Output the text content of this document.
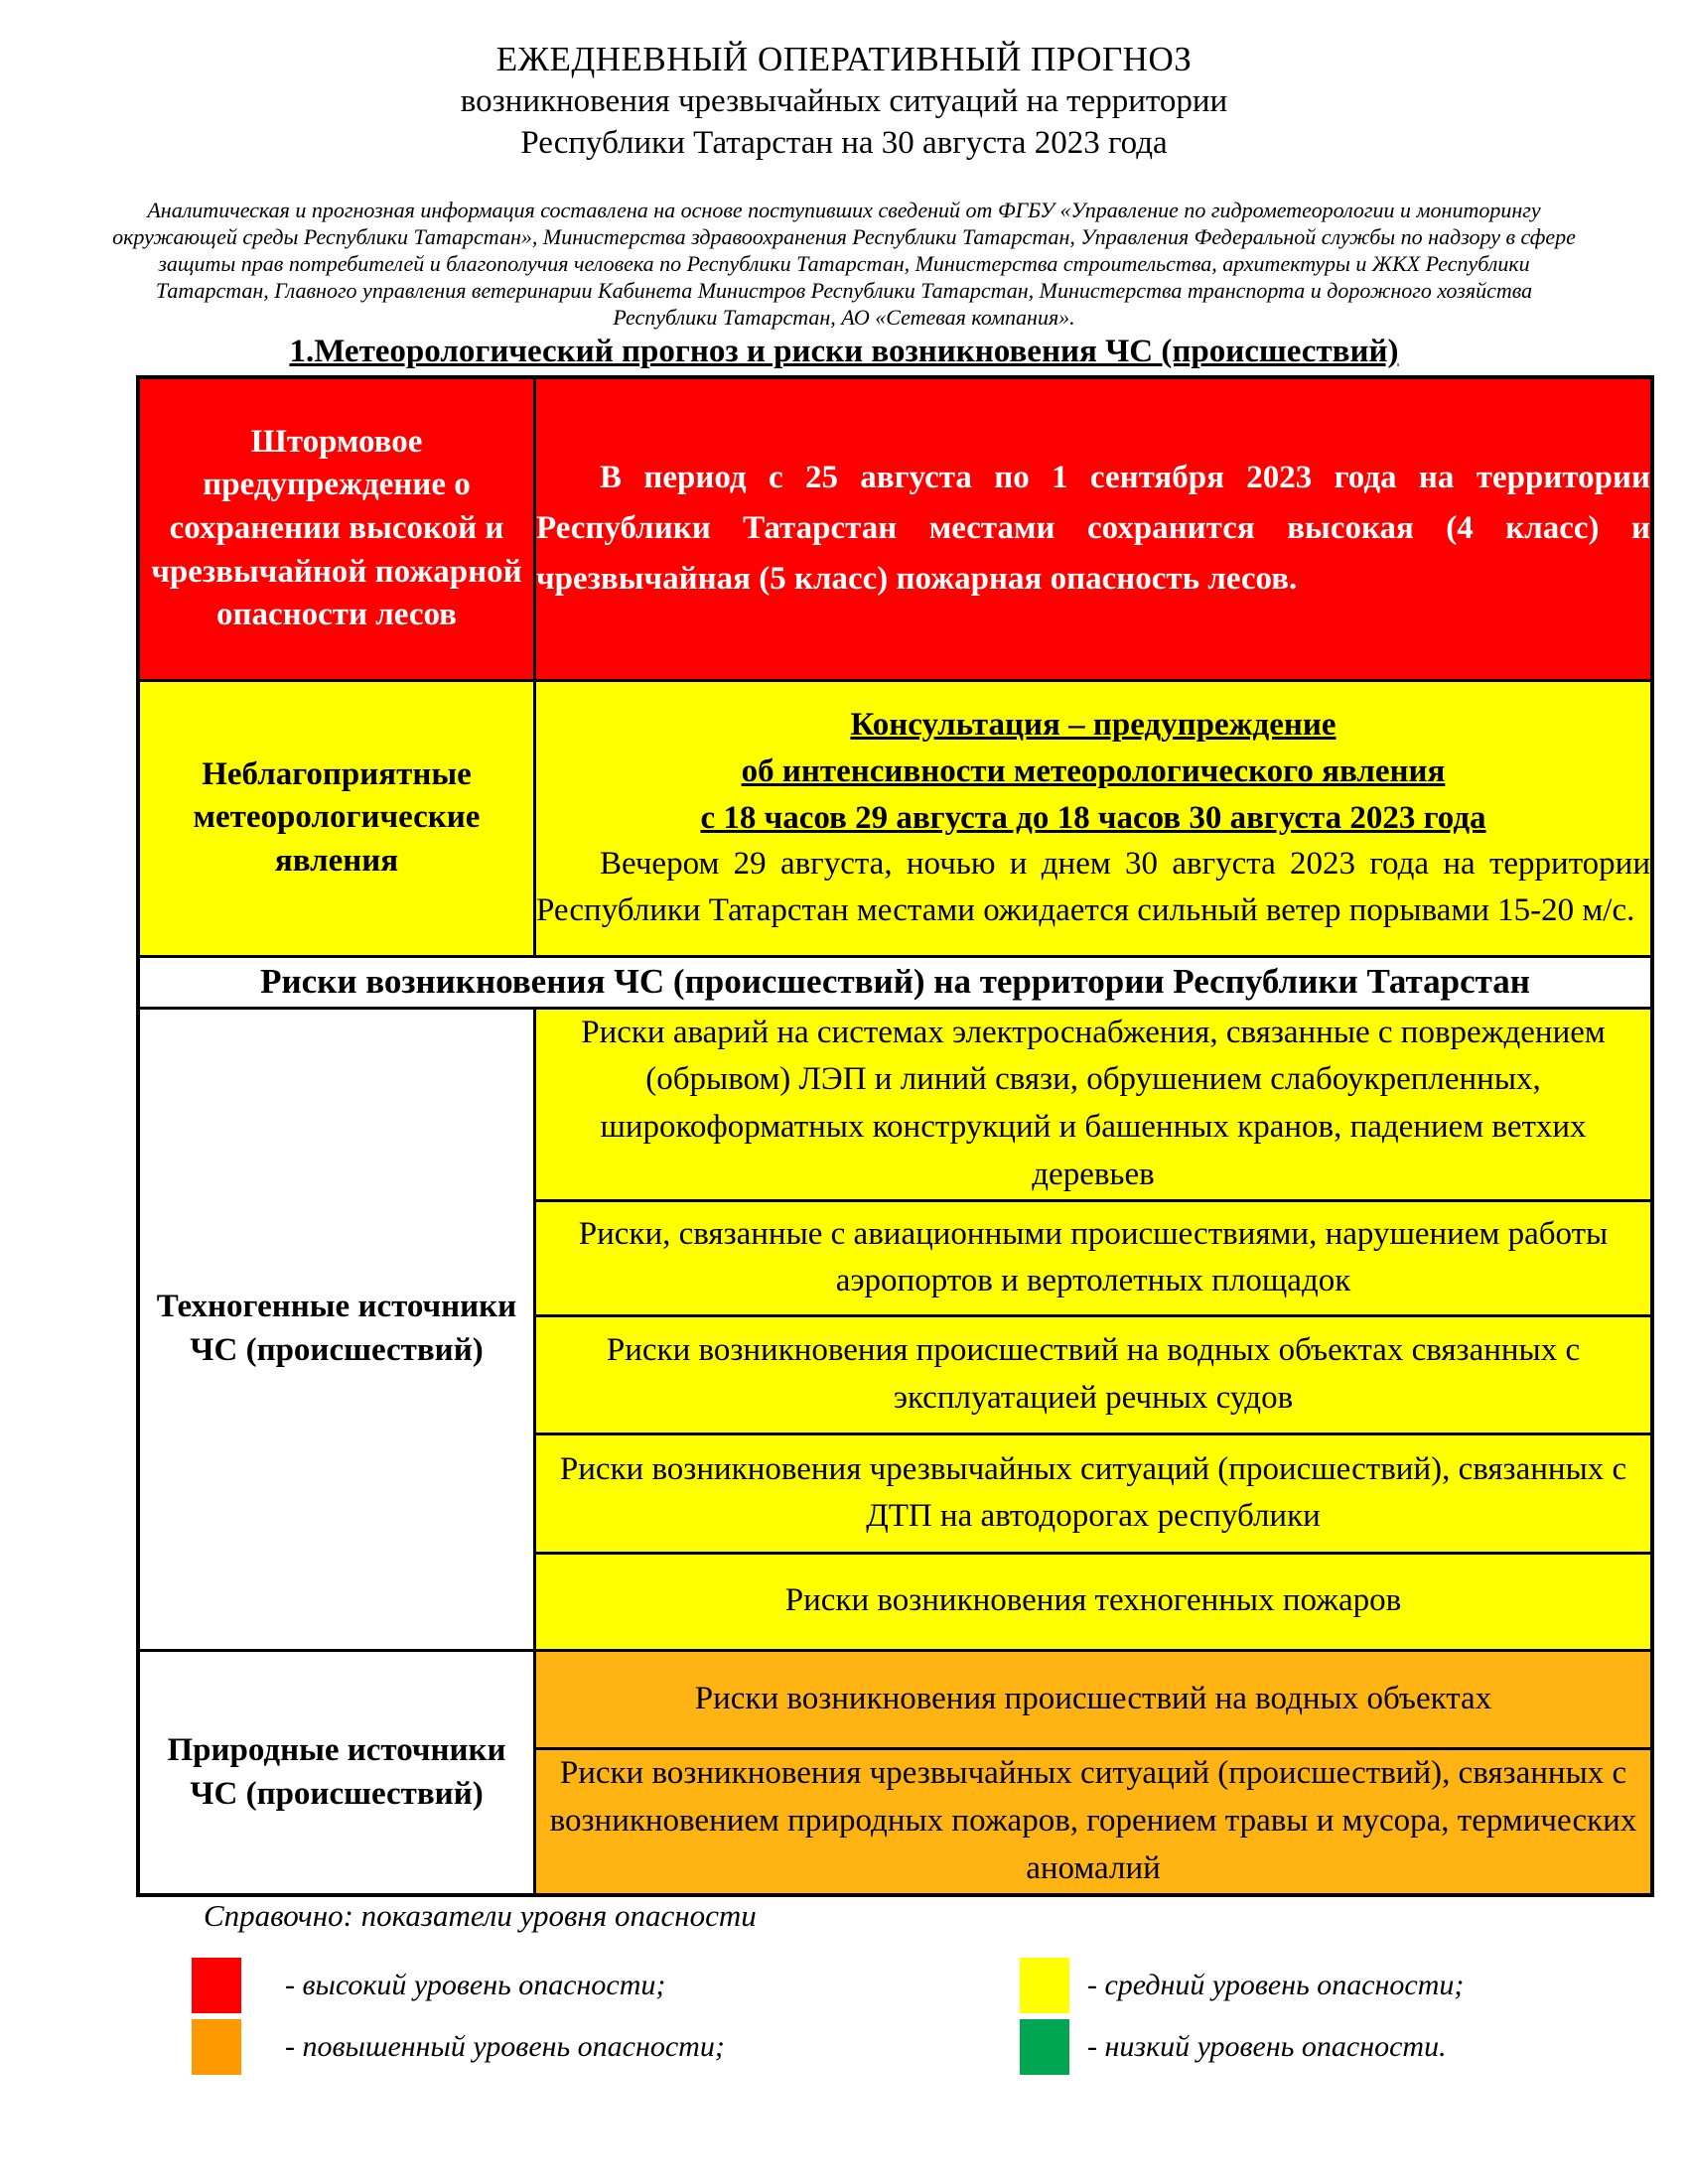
ЕЖЕДНЕВНЫЙ ОПЕРАТИВНЫЙ ПРОГНОЗ
возникновения чрезвычайных ситуаций на территории
Республики Татарстан на 30 августа 2023 года
Аналитическая и прогнозная информация составлена на основе поступивших сведений от ФГБУ «Управление по гидрометеорологии и мониторингу окружающей среды Республики Татарстан», Министерства здравоохранения Республики Татарстан, Управления Федеральной службы по надзору в сфере защиты прав потребителей и благополучия человека по Республики Татарстан, Министерства строительства, архитектуры и ЖКХ Республики Татарстан, Главного управления ветеринарии Кабинета Министров Республики Татарстан, Министерства транспорта и дорожного хозяйства Республики Татарстан, АО «Сетевая компания».
1.Метеорологический прогноз и риски возникновения ЧС (происшествий)
Штормовое предупреждение о сохранении высокой и чрезвычайной пожарной опасности лесов	В период с 25 августа по 1 сентября 2023 года на территории Республики Татарстан местами сохранится высокая (4 класс) и чрезвычайная (5 класс) пожарная опасность лесов.

Неблагоприятные метеорологические явления	Консультация – предупреждение
об интенсивности метеорологического явления
с 18 часов 29 августа до 18 часов 30 августа 2023 года

Вечером 29 августа, ночью и днем 30 августа 2023 года на территории Республики Татарстан местами ожидается сильный ветер порывами 15-20 м/с.

Риски возникновения ЧС (происшествий) на территории Республики Татарстан	
Техногенные источники ЧС (происшествий)	Риски аварий на системах электроснабжения, связанные с повреждением (обрывом) ЛЭП и линий связи, обрушением слабоукрепленных, широкоформатных конструкций и башенных кранов, падением ветхих деревьев
	Риски, связанные с авиационными происшествиями, нарушением работы аэропортов и вертолетных площадок
	Риски возникновения происшествий на водных объектах связанных с эксплуатацией речных судов
	Риски возникновения чрезвычайных ситуаций (происшествий), связанных с ДТП на автодорогах республики
	Риски возникновения техногенных пожаров
Природные источники ЧС (происшествий)	Риски возникновения происшествий на водных объектах
	Риски возникновения чрезвычайных ситуаций (происшествий), связанных с возникновением природных пожаров, горением травы и мусора, термических аномалий
Справочно: показатели уровня опасности
- высокий уровень опасности;	- средний уровень опасности;
- повышенный уровень опасности;	- низкий уровень опасности.
